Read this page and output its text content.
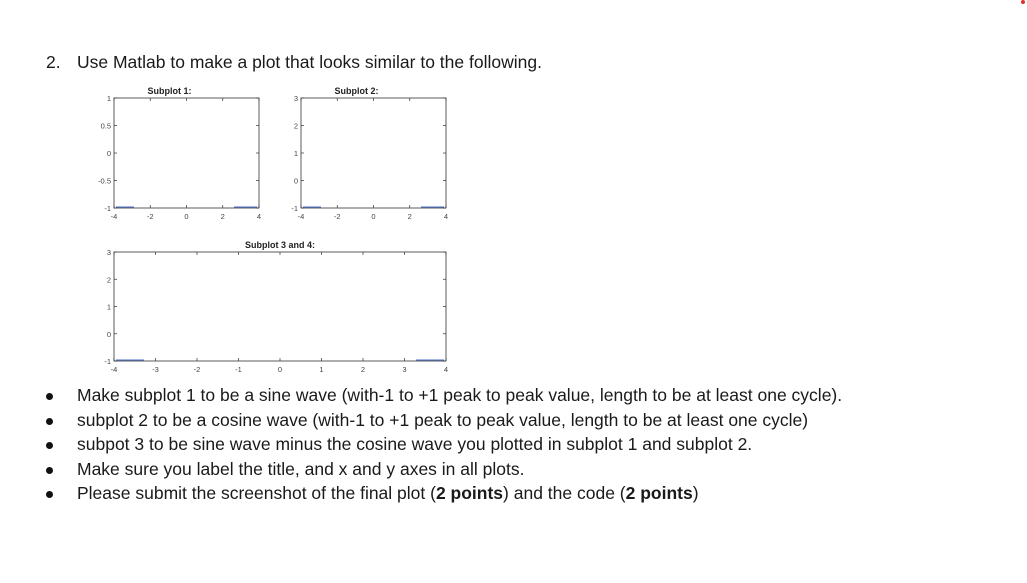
2. Use Matlab to make a plot that looks similar to the following.
Subplot 1:
-4	-2	0	2	4
1
0.5
0
-0.5
-1
Subplot 2:
-4	-2	0	2	4
3
2
1
0
-1
Subplot 3 and 4:
-4	-3	-2	-1	0	1	2	3	4
3
2
1
0
-1
Make subplot 1 to be a sine wave (with-1 to +1 peak to peak value, length to be at least one cycle).
subplot 2 to be a cosine wave (with-1 to +1 peak to peak value, length to be at least one cycle)
subpot 3 to be sine wave minus the cosine wave you plotted in subplot 1 and subplot 2.
Make sure you label the title, and x and y axes in all plots.
Please submit the screenshot of the final plot (2 points) and the code (2 points)
